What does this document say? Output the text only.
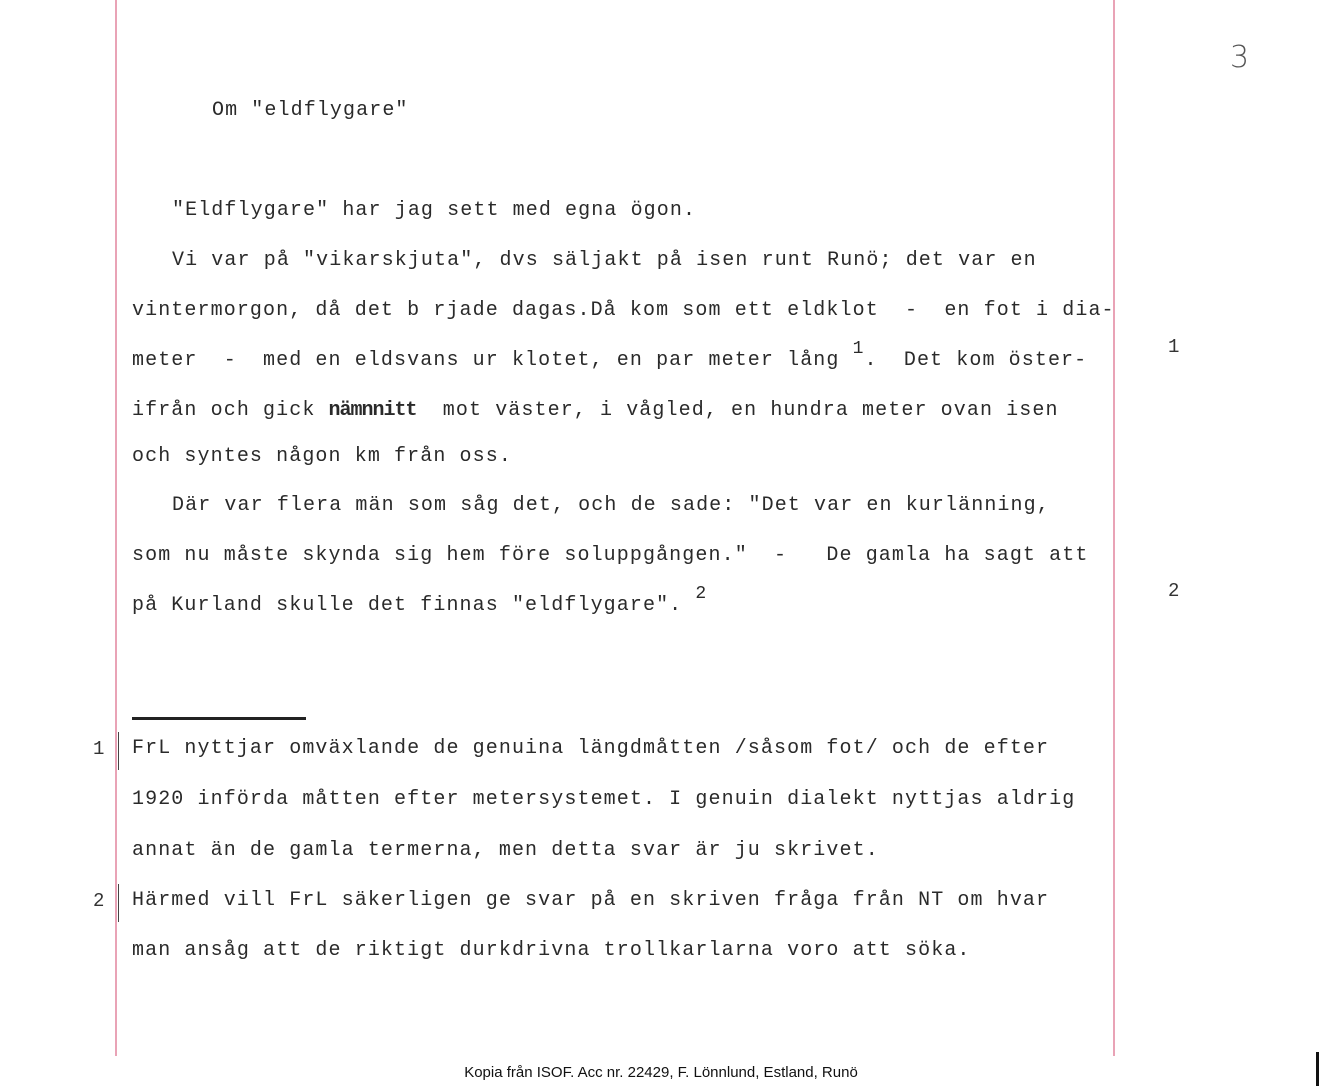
3
Om "eldflygare"
"Eldflygare" har jag sett med egna ögon.
Vi var på "vikarskjuta", dvs säljakt på isen runt Runö; det var en
vintermorgon, då det b rjade dagas.Då kom som ett eldklot  -  en fot i dia-
meter  -  med en eldsvans ur klotet, en par meter lång 1.  Det kom öster-
ifrån och gick nämnnitt mot väster, i vågled, en hundra meter ovan isen
och syntes någon km från oss.
Där var flera män som såg det, och de sade: "Det var en kurlänning,
som nu måste skynda sig hem före soluppgången."  -   De gamla ha sagt att
på Kurland skulle det finnas "eldflygare". 2
1
2
1
2
FrL nyttjar omväxlande de genuina längdmåtten /såsom fot/ och de efter
1920 införda måtten efter metersystemet. I genuin dialekt nyttjas aldrig
annat än de gamla termerna, men detta svar är ju skrivet.
Härmed vill FrL säkerligen ge svar på en skriven fråga från NT om hvar
man ansåg att de riktigt durkdrivna trollkarlarna voro att söka.
Kopia från ISOF. Acc nr. 22429, F. Lönnlund, Estland, Runö
